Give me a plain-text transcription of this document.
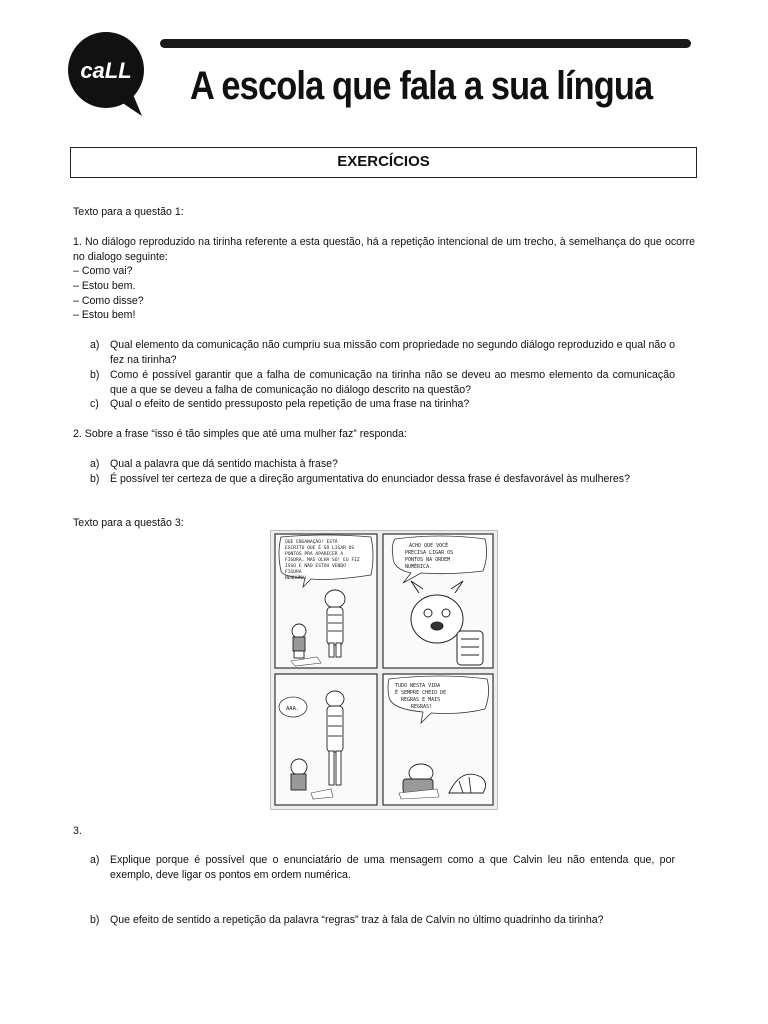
caLL A escola que fala a sua língua
EXERCÍCIOS
Texto para a questão 1:
1. No diálogo reproduzido na tirinha referente a esta questão, há a repetição intencional de um trecho, à semelhança do que ocorre no dialogo seguinte:

– Como vai?

– Estou bem.

– Como disse?

– Estou bem!

a) Qual elemento da comunicação não cumpriu sua missão com propriedade no segundo diálogo reproduzido e qual não o fez na tirinha?
b) Como é possível garantir que a falha de comunicação na tirinha não se deveu ao mesmo elemento da comunicação que a que se deveu a falha de comunicação no diálogo descrito na questão?
c)	Qual o efeito de sentido pressuposto pela repetição de uma frase na tirinha?
2. Sobre a frase “isso é tão simples que até uma mulher faz” responda:
a) Qual a palavra que dá sentido machista à frase?
b) É possível ter certeza de que a direção argumentativa do enunciador dessa frase é desfavorável às mulheres?
Texto para a questão 3:
QUE ENGANAÇÃO! ESTÁ
ESCRITO QUE É SÓ LIGAR OS
PONTOS PRA APARECER A
FIGURA, MAS OLHA SÓ! EU FIZ
ISSO E NÃO ESTOU VENDO
FIGURA
NENHUMA!
ACHO QUE VOCÊ
PRECISA LIGAR OS
PONTOS NA ORDEM
NUMÉRICA.
AAA.
TUDO NESTA VIDA
É SEMPRE CHEIO DE
REGRAS E MAIS
REGRAS!
3.
a) Explique porque é possível que o enunciatário de uma mensagem como a que Calvin leu não entenda que, por exemplo, deve ligar os pontos em ordem numérica.
b) Que efeito de sentido a repetição da palavra “regras” traz à fala de Calvin no último quadrinho da tirinha?
